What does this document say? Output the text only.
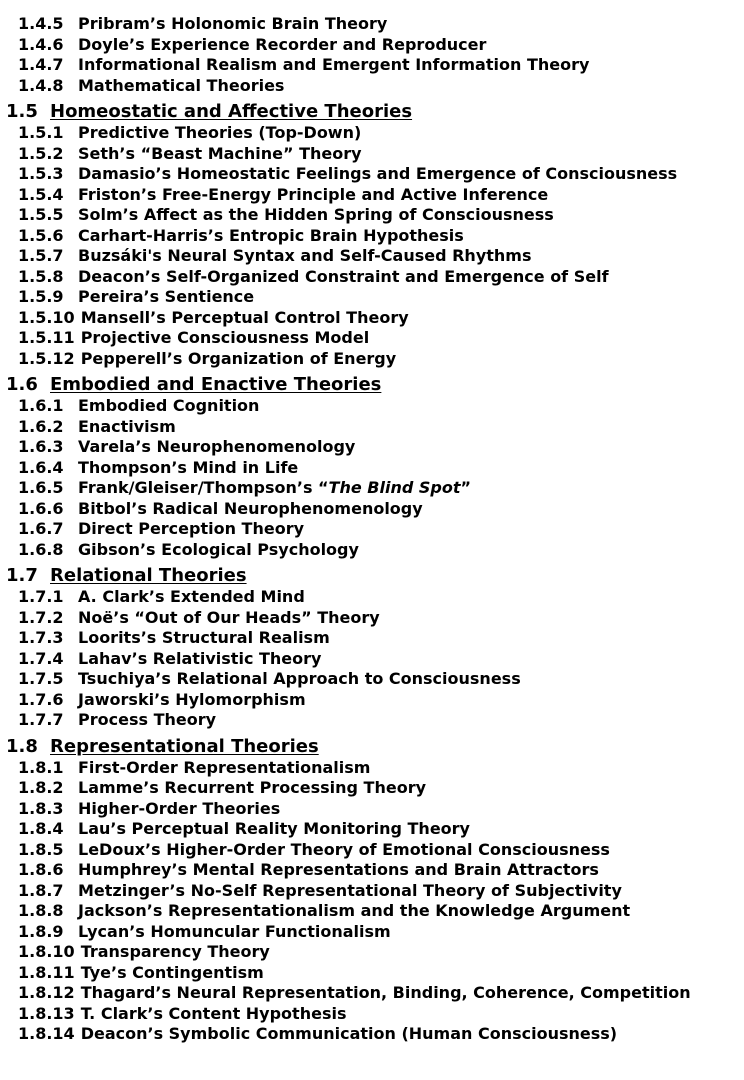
1.4.5 Pribram’s Holonomic Brain Theory
1.4.6 Doyle’s Experience Recorder and Reproducer
1.4.7 Informational Realism and Emergent Information Theory
1.4.8 Mathematical Theories
1.5 Homeostatic and Affective Theories
1.5.1 Predictive Theories (Top-Down)
1.5.2 Seth’s “Beast Machine” Theory
1.5.3 Damasio’s Homeostatic Feelings and Emergence of Consciousness
1.5.4 Friston’s Free-Energy Principle and Active Inference
1.5.5 Solm’s Affect as the Hidden Spring of Consciousness
1.5.6 Carhart-Harris’s Entropic Brain Hypothesis
1.5.7 Buzsáki's Neural Syntax and Self-Caused Rhythms
1.5.8 Deacon’s Self-Organized Constraint and Emergence of Self
1.5.9 Pereira’s Sentience
1.5.10 Mansell’s Perceptual Control Theory
1.5.11 Projective Consciousness Model
1.5.12 Pepperell’s Organization of Energy
1.6 Embodied and Enactive Theories
1.6.1 Embodied Cognition
1.6.2 Enactivism
1.6.3 Varela’s Neurophenomenology
1.6.4 Thompson’s Mind in Life
1.6.5 Frank/Gleiser/Thompson’s “The Blind Spot”
1.6.6 Bitbol’s Radical Neurophenomenology
1.6.7 Direct Perception Theory
1.6.8 Gibson’s Ecological Psychology
1.7 Relational Theories
1.7.1 A. Clark’s Extended Mind
1.7.2 Noë’s “Out of Our Heads” Theory
1.7.3 Loorits’s Structural Realism
1.7.4 Lahav’s Relativistic Theory
1.7.5 Tsuchiya’s Relational Approach to Consciousness
1.7.6 Jaworski’s Hylomorphism
1.7.7 Process Theory
1.8 Representational Theories
1.8.1 First-Order Representationalism
1.8.2 Lamme’s Recurrent Processing Theory
1.8.3 Higher-Order Theories
1.8.4 Lau’s Perceptual Reality Monitoring Theory
1.8.5 LeDoux’s Higher-Order Theory of Emotional Consciousness
1.8.6 Humphrey’s Mental Representations and Brain Attractors
1.8.7 Metzinger’s No-Self Representational Theory of Subjectivity
1.8.8 Jackson’s Representationalism and the Knowledge Argument
1.8.9 Lycan’s Homuncular Functionalism
1.8.10 Transparency Theory
1.8.11 Tye’s Contingentism
1.8.12 Thagard’s Neural Representation, Binding, Coherence, Competition
1.8.13 T. Clark’s Content Hypothesis
1.8.14 Deacon’s Symbolic Communication (Human Consciousness)
